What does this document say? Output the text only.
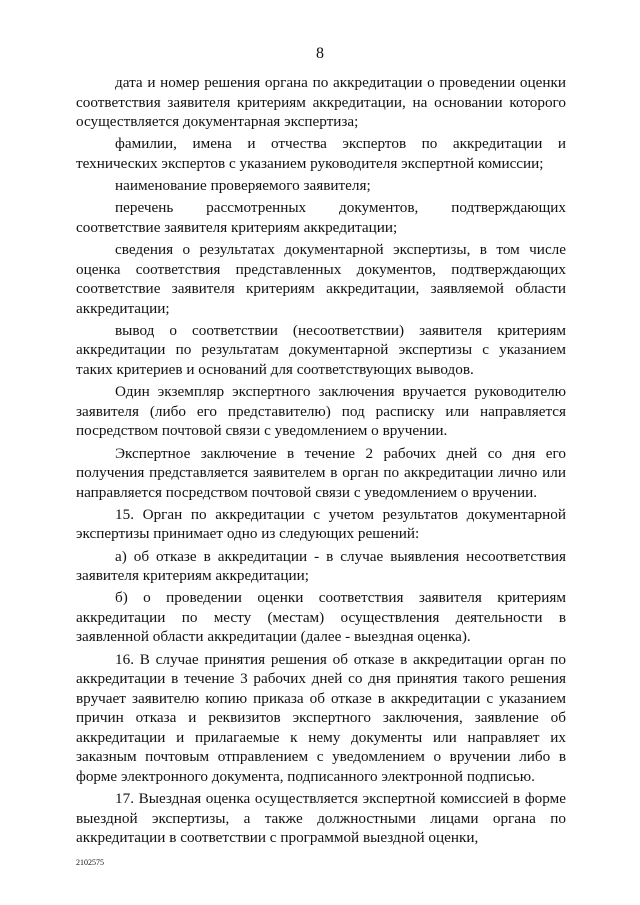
8

дата и номер решения органа по аккредитации о проведении оценки соответствия заявителя критериям аккредитации, на основании которого осуществляется документарная экспертиза;

фамилии, имена и отчества экспертов по аккредитации и технических экспертов с указанием руководителя экспертной комиссии;

наименование проверяемого заявителя;

перечень рассмотренных документов, подтверждающих соответствие заявителя критериям аккредитации;

сведения о результатах документарной экспертизы, в том числе оценка соответствия представленных документов, подтверждающих соответствие заявителя критериям аккредитации, заявляемой области аккредитации;

вывод о соответствии (несоответствии) заявителя критериям аккредитации по результатам документарной экспертизы с указанием таких критериев и оснований для соответствующих выводов.

Один экземпляр экспертного заключения вручается руководителю заявителя (либо его представителю) под расписку или направляется посредством почтовой связи с уведомлением о вручении.

Экспертное заключение в течение 2 рабочих дней со дня его получения представляется заявителем в орган по аккредитации лично или направляется посредством почтовой связи с уведомлением о вручении.

15. Орган по аккредитации с учетом результатов документарной экспертизы принимает одно из следующих решений:

а) об отказе в аккредитации - в случае выявления несоответствия заявителя критериям аккредитации;

б) о проведении оценки соответствия заявителя критериям аккредитации по месту (местам) осуществления деятельности в заявленной области аккредитации (далее - выездная оценка).

16. В случае принятия решения об отказе в аккредитации орган по аккредитации в течение 3 рабочих дней со дня принятия такого решения вручает заявителю копию приказа об отказе в аккредитации с указанием причин отказа и реквизитов экспертного заключения, заявление об аккредитации и прилагаемые к нему документы или направляет их заказным почтовым отправлением с уведомлением о вручении либо в форме электронного документа, подписанного электронной подписью.

17. Выездная оценка осуществляется экспертной комиссией в форме выездной экспертизы, а также должностными лицами органа по аккредитации в соответствии с программой выездной оценки,

2102575
